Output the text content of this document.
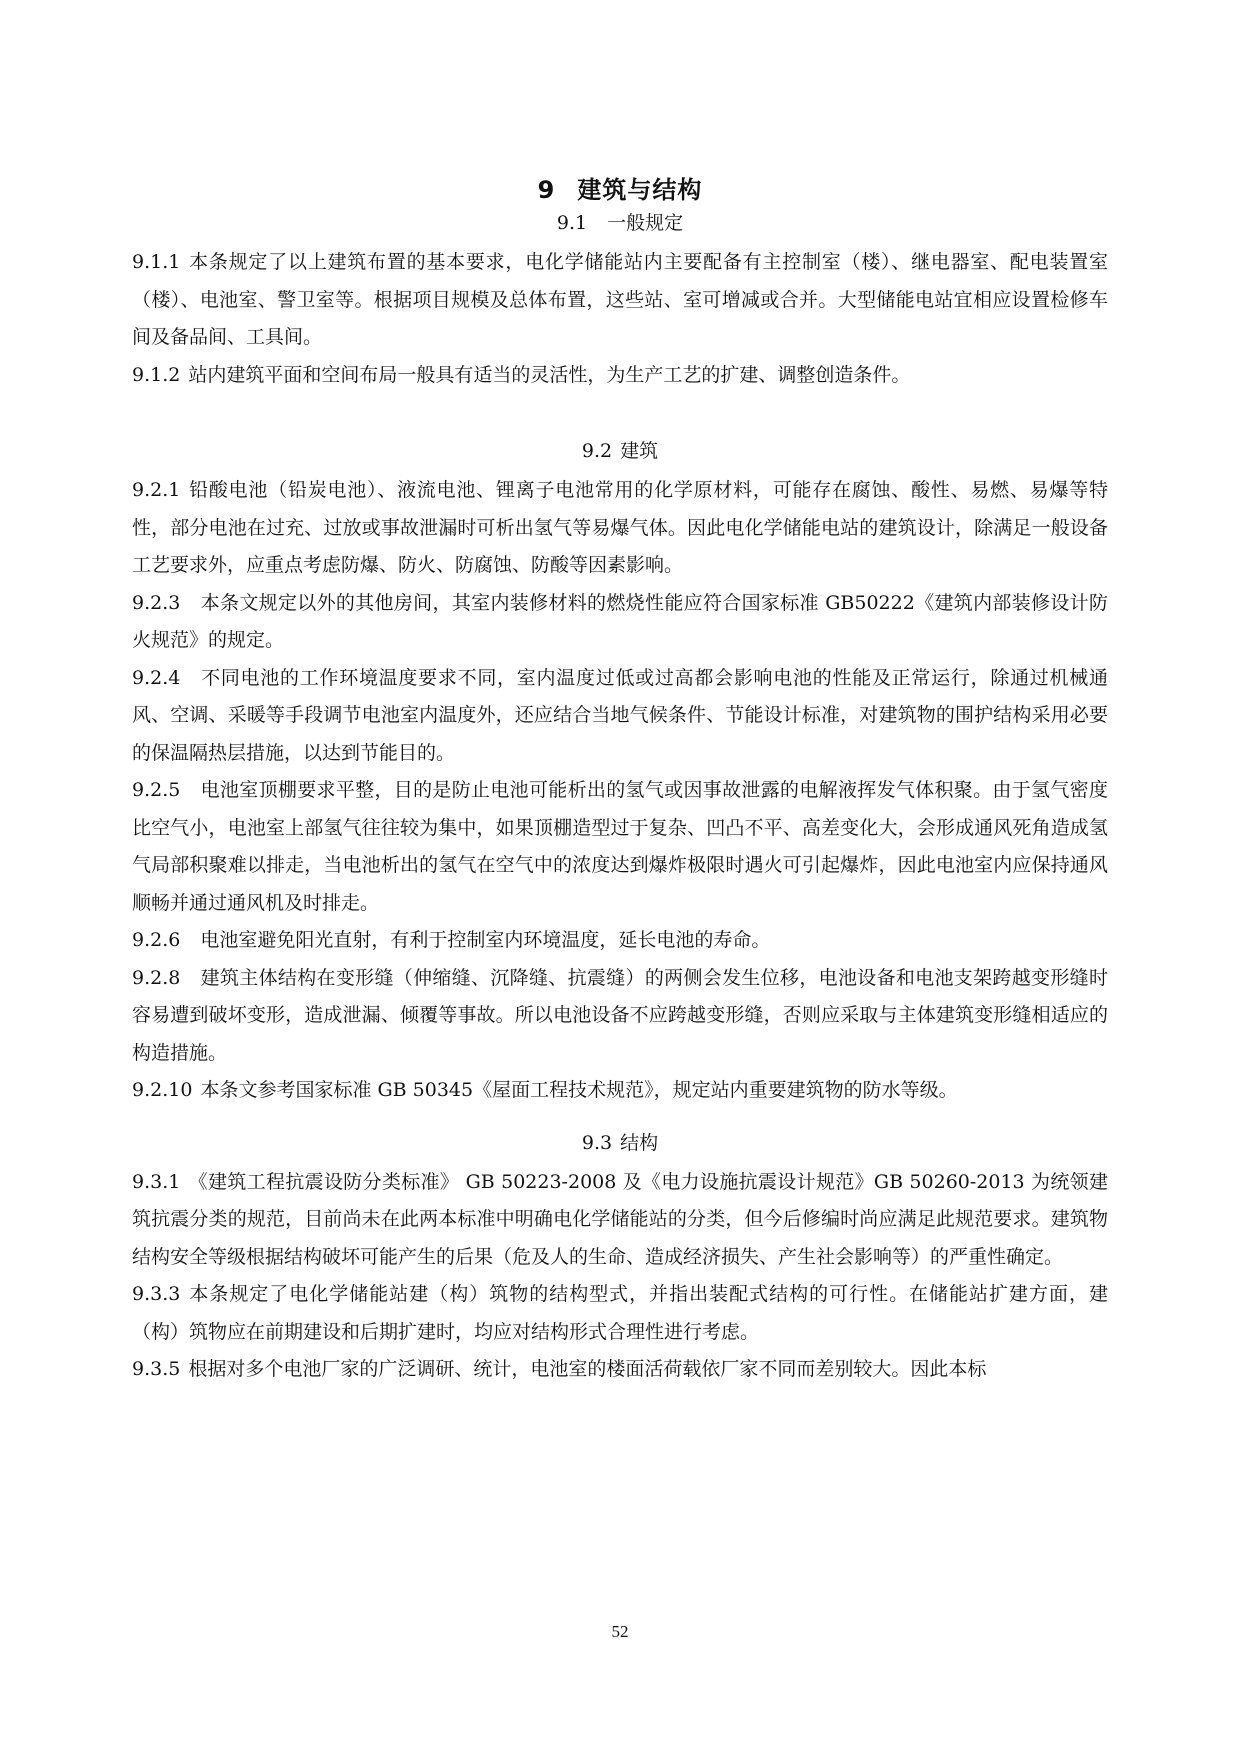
9 建筑与结构
9.1 一般规定

9.1.1 本条规定了以上建筑布置的基本要求，电化学储能站内主要配备有主控制室（楼）、继电器室、配电装置室（楼）、电池室、警卫室等。根据项目规模及总体布置，这些站、室可增减或合并。大型储能电站宜相应设置检修车间及备品间、工具间。

9.1.2 站内建筑平面和空间布局一般具有适当的灵活性，为生产工艺的扩建、调整创造条件。

9.2 建筑

9.2.1 铅酸电池（铅炭电池）、液流电池、锂离子电池常用的化学原材料，可能存在腐蚀、酸性、易燃、易爆等特性，部分电池在过充、过放或事故泄漏时可析出氢气等易爆气体。因此电化学储能电站的建筑设计，除满足一般设备工艺要求外，应重点考虑防爆、防火、防腐蚀、防酸等因素影响。

9.2.3 本条文规定以外的其他房间，其室内装修材料的燃烧性能应符合国家标准 GB50222《建筑内部装修设计防火规范》的规定。

9.2.4 不同电池的工作环境温度要求不同，室内温度过低或过高都会影响电池的性能及正常运行，除通过机械通风、空调、采暖等手段调节电池室内温度外，还应结合当地气候条件、节能设计标准，对建筑物的围护结构采用必要的保温隔热层措施，以达到节能目的。

9.2.5 电池室顶棚要求平整，目的是防止电池可能析出的氢气或因事故泄露的电解液挥发气体积聚。由于氢气密度比空气小，电池室上部氢气往往较为集中，如果顶棚造型过于复杂、凹凸不平、高差变化大，会形成通风死角造成氢气局部积聚难以排走，当电池析出的氢气在空气中的浓度达到爆炸极限时遇火可引起爆炸，因此电池室内应保持通风顺畅并通过通风机及时排走。

9.2.6 电池室避免阳光直射，有利于控制室内环境温度，延长电池的寿命。

9.2.8 建筑主体结构在变形缝（伸缩缝、沉降缝、抗震缝）的两侧会发生位移，电池设备和电池支架跨越变形缝时容易遭到破坏变形，造成泄漏、倾覆等事故。所以电池设备不应跨越变形缝，否则应采取与主体建筑变形缝相适应的构造措施。

9.2.10 本条文参考国家标准 GB 50345《屋面工程技术规范》，规定站内重要建筑物的防水等级。

9.3 结构

9.3.1 《建筑工程抗震设防分类标准》 GB 50223-2008 及《电力设施抗震设计规范》GB 50260-2013 为统领建筑抗震分类的规范，目前尚未在此两本标准中明确电化学储能站的分类，但今后修编时尚应满足此规范要求。建筑物结构安全等级根据结构破坏可能产生的后果（危及人的生命、造成经济损失、产生社会影响等）的严重性确定。

9.3.3 本条规定了电化学储能站建（构）筑物的结构型式，并指出装配式结构的可行性。在储能站扩建方面，建（构）筑物应在前期建设和后期扩建时，均应对结构形式合理性进行考虑。

9.3.5 根据对多个电池厂家的广泛调研、统计，电池室的楼面活荷载依厂家不同而差别较大。因此本标

52
